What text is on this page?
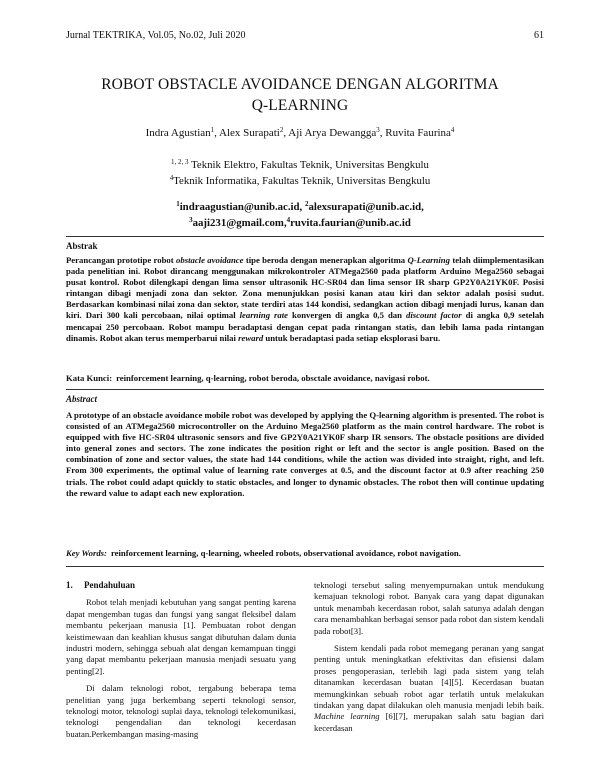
Jurnal TEKTRIKA, Vol.05, No.02, Juli 2020	61
ROBOT OBSTACLE AVOIDANCE DENGAN ALGORITMA
Q-LEARNING
Indra Agustian$^1$, Alex Surapati$^2$, Aji Arya Dewangga$^3$, Ruvita Faurina$^4$
$^{1, 2, 3}$ Teknik Elektro, Fakultas Teknik, Universitas Bengkulu
$^4$Teknik Informatika, Fakultas Teknik, Universitas Bengkulu
$^1$indraagustian@unib.ac.id, $^2$alexsurapati@unib.ac.id,
$^3$aaji231@gmail.com,$^4$ruvita.faurian@unib.ac.id
Abstrak
Perancangan prototipe robot obstacle avoidance tipe beroda dengan menerapkan algoritma Q-Learning telah diimplementasikan pada penelitian ini. Robot dirancang menggunakan mikrokontroler ATMega2560 pada platform Arduino Mega2560 sebagai pusat kontrol. Robot dilengkapi dengan lima sensor ultrasonik HC-SR04 dan lima sensor IR sharp GP2Y0A21YK0F. Posisi rintangan dibagi menjadi zona dan sektor. Zona menunjukkan posisi kanan atau kiri dan sektor adalah posisi sudut. Berdasarkan kombinasi nilai zona dan sektor, state terdiri atas 144 kondisi, sedangkan action dibagi menjadi lurus, kanan dan kiri. Dari 300 kali percobaan, nilai optimal learning rate konvergen di angka 0,5 dan discount factor di angka 0,9 setelah mencapai 250 percobaan. Robot mampu beradaptasi dengan cepat pada rintangan statis, dan lebih lama pada rintangan dinamis. Robot akan terus memperbarui nilai reward untuk beradaptasi pada setiap eksplorasi baru.
Kata Kunci: reinforcement learning, q-learning, robot beroda, obsctale avoidance, navigasi robot.
Abstract
A prototype of an obstacle avoidance mobile robot was developed by applying the Q-learning algorithm is presented. The robot is consisted of an ATMega2560 microcontroller on the Arduino Mega2560 platform as the main control hardware. The robot is equipped with five HC-SR04 ultrasonic sensors and five GP2Y0A21YK0F sharp IR sensors. The obstacle positions are divided into general zones and sectors. The zone indicates the position right or left and the sector is angle position. Based on the combination of zone and sector values, the state had 144 conditions, while the action was divided into straight, right, and left. From 300 experiments, the optimal value of learning rate converges at 0.5, and the discount factor at 0.9 after reaching 250 trials. The robot could adapt quickly to static obstacles, and longer to dynamic obstacles. The robot then will continue updating the reward value to adapt each new exploration.
Key Words: reinforcement learning, q-learning, wheeled robots, observational avoidance, robot navigation.
1. Pendahuluan

Robot telah menjadi kebutuhan yang sangat penting karena dapat mengemban tugas dan fungsi yang sangat fleksibel dalam membantu pekerjaan manusia [1]. Pembuatan robot dengan keistimewaan dan keahlian khusus sangat dibutuhan dalam dunia industri modern, sehingga sebuah alat dengan kemampuan tinggi yang dapat membantu pekerjaan manusia menjadi sesuatu yang penting[2].

Di dalam teknologi robot, tergabung beberapa tema penelitian yang juga berkembang seperti teknologi sensor, teknologi motor, teknologi suplai daya, teknologi telekomunikasi, teknologi pengendalian dan teknologi kecerdasan buatan.Perkembangan masing-masing

teknologi tersebut saling menyempurnakan untuk mendukung kemajuan teknologi robot. Banyak cara yang dapat digunakan untuk menambah kecerdasan robot, salah satunya adalah dengan cara menambahkan berbagai sensor pada robot dan sistem kendali pada robot[3].

Sistem kendali pada robot memegang peranan yang sangat penting untuk meningkatkan efektivitas dan efisiensi dalam proses pengoperasian, terlebih lagi pada sistem yang telah ditanamkan kecerdasan buatan [4][5]. Kecerdasan buatan memungkinkan sebuah robot agar terlatih untuk melakukan tindakan yang dapat dilakukan oleh manusia menjadi lebih baik. Machine learning [6][7], merupakan salah satu bagian dari kecerdasan
